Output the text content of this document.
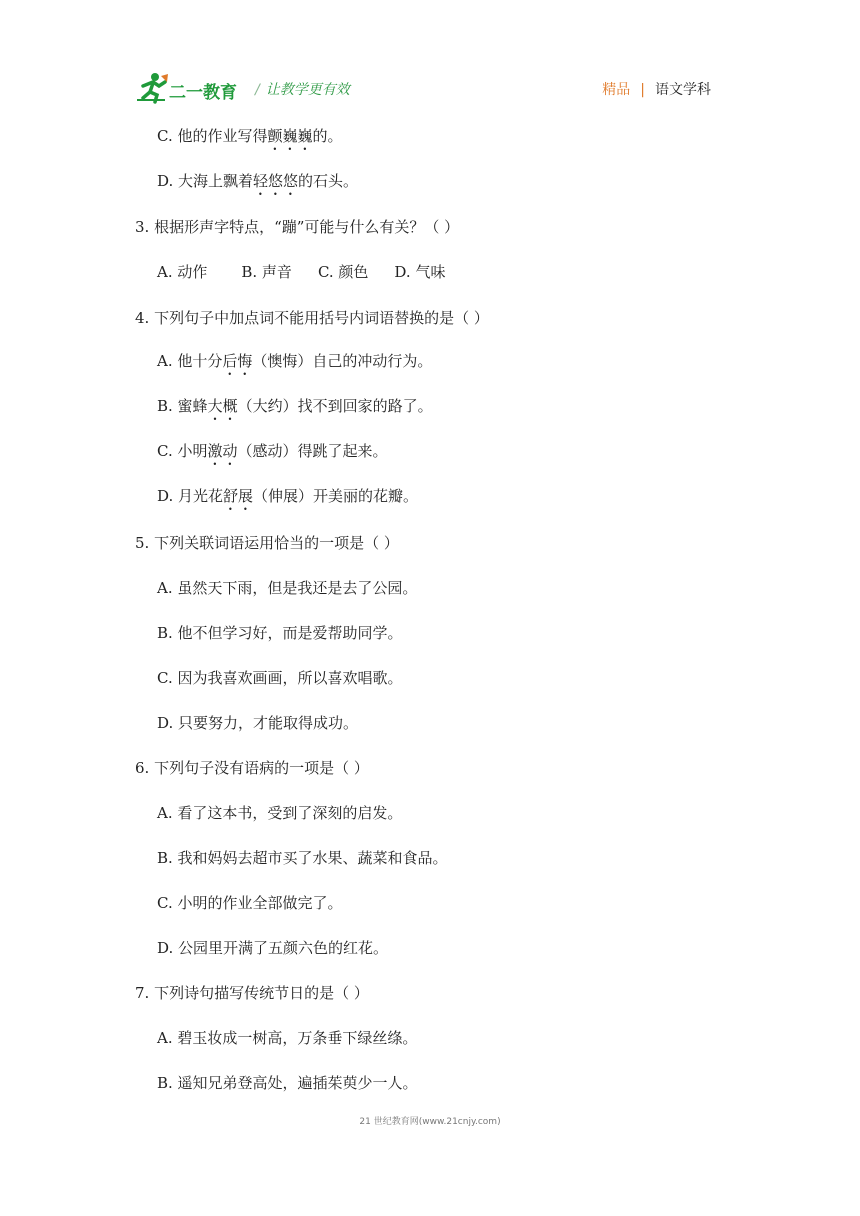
二一教育 / 让教学更有效	精品 | 语文学科
C. 他的作业写得颤巍巍的。
D. 大海上飘着轻悠悠的石头。
3. 根据形声字特点，“蹦”可能与什么有关？（ ）
A. 动作 B. 声音 C. 颜色 D. 气味
4. 下列句子中加点词不能用括号内词语替换的是（ ）
A. 他十分后悔（懊悔）自己的冲动行为。
B. 蜜蜂大概（大约）找不到回家的路了。
C. 小明激动（感动）得跳了起来。
D. 月光花舒展（伸展）开美丽的花瓣。
5. 下列关联词语运用恰当的一项是（ ）
A. 虽然天下雨，但是我还是去了公园。
B. 他不但学习好，而是爱帮助同学。
C. 因为我喜欢画画，所以喜欢唱歌。
D. 只要努力，才能取得成功。
6. 下列句子没有语病的一项是（ ）
A. 看了这本书，受到了深刻的启发。
B. 我和妈妈去超市买了水果、蔬菜和食品。
C. 小明的作业全部做完了。
D. 公园里开满了五颜六色的红花。
7. 下列诗句描写传统节日的是（ ）
A. 碧玉妆成一树高，万条垂下绿丝绦。
B. 遥知兄弟登高处，遍插茱萸少一人。
21 世纪教育网(www.21cnjy.com)
